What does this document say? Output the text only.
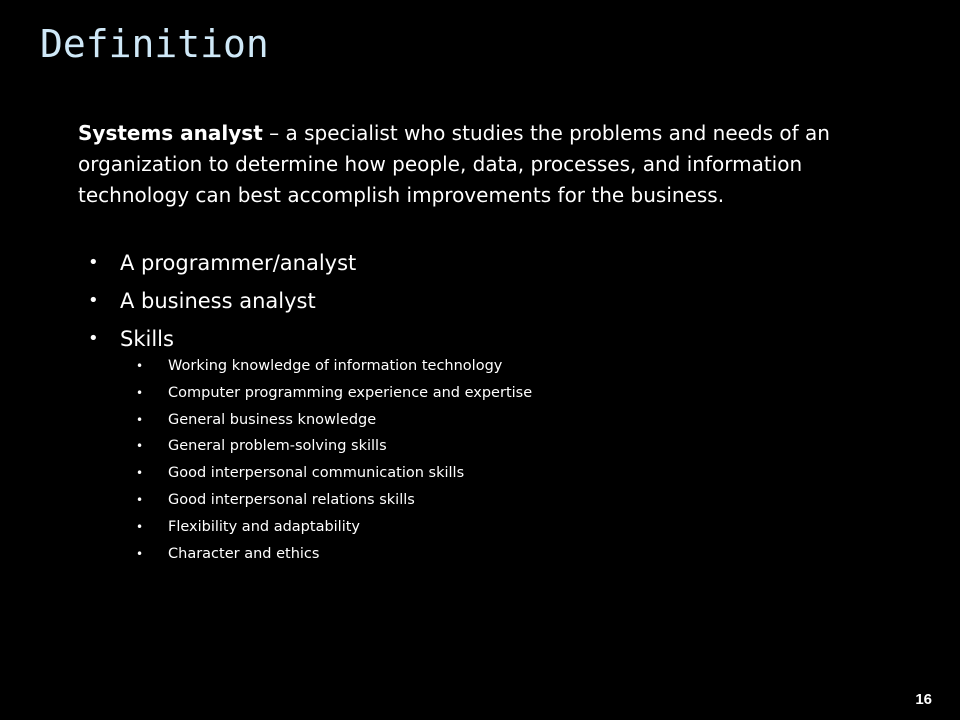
Definition

Systems analyst – a specialist who studies the problems and needs of an organization to determine how people, data, processes, and information technology can best accomplish improvements for the business.

• A programmer/analyst
• A business analyst
• Skills
• Working knowledge of information technology
• Computer programming experience and expertise
• General business knowledge
• General problem-solving skills
• Good interpersonal communication skills
• Good interpersonal relations skills
• Flexibility and adaptability
• Character and ethics
16
